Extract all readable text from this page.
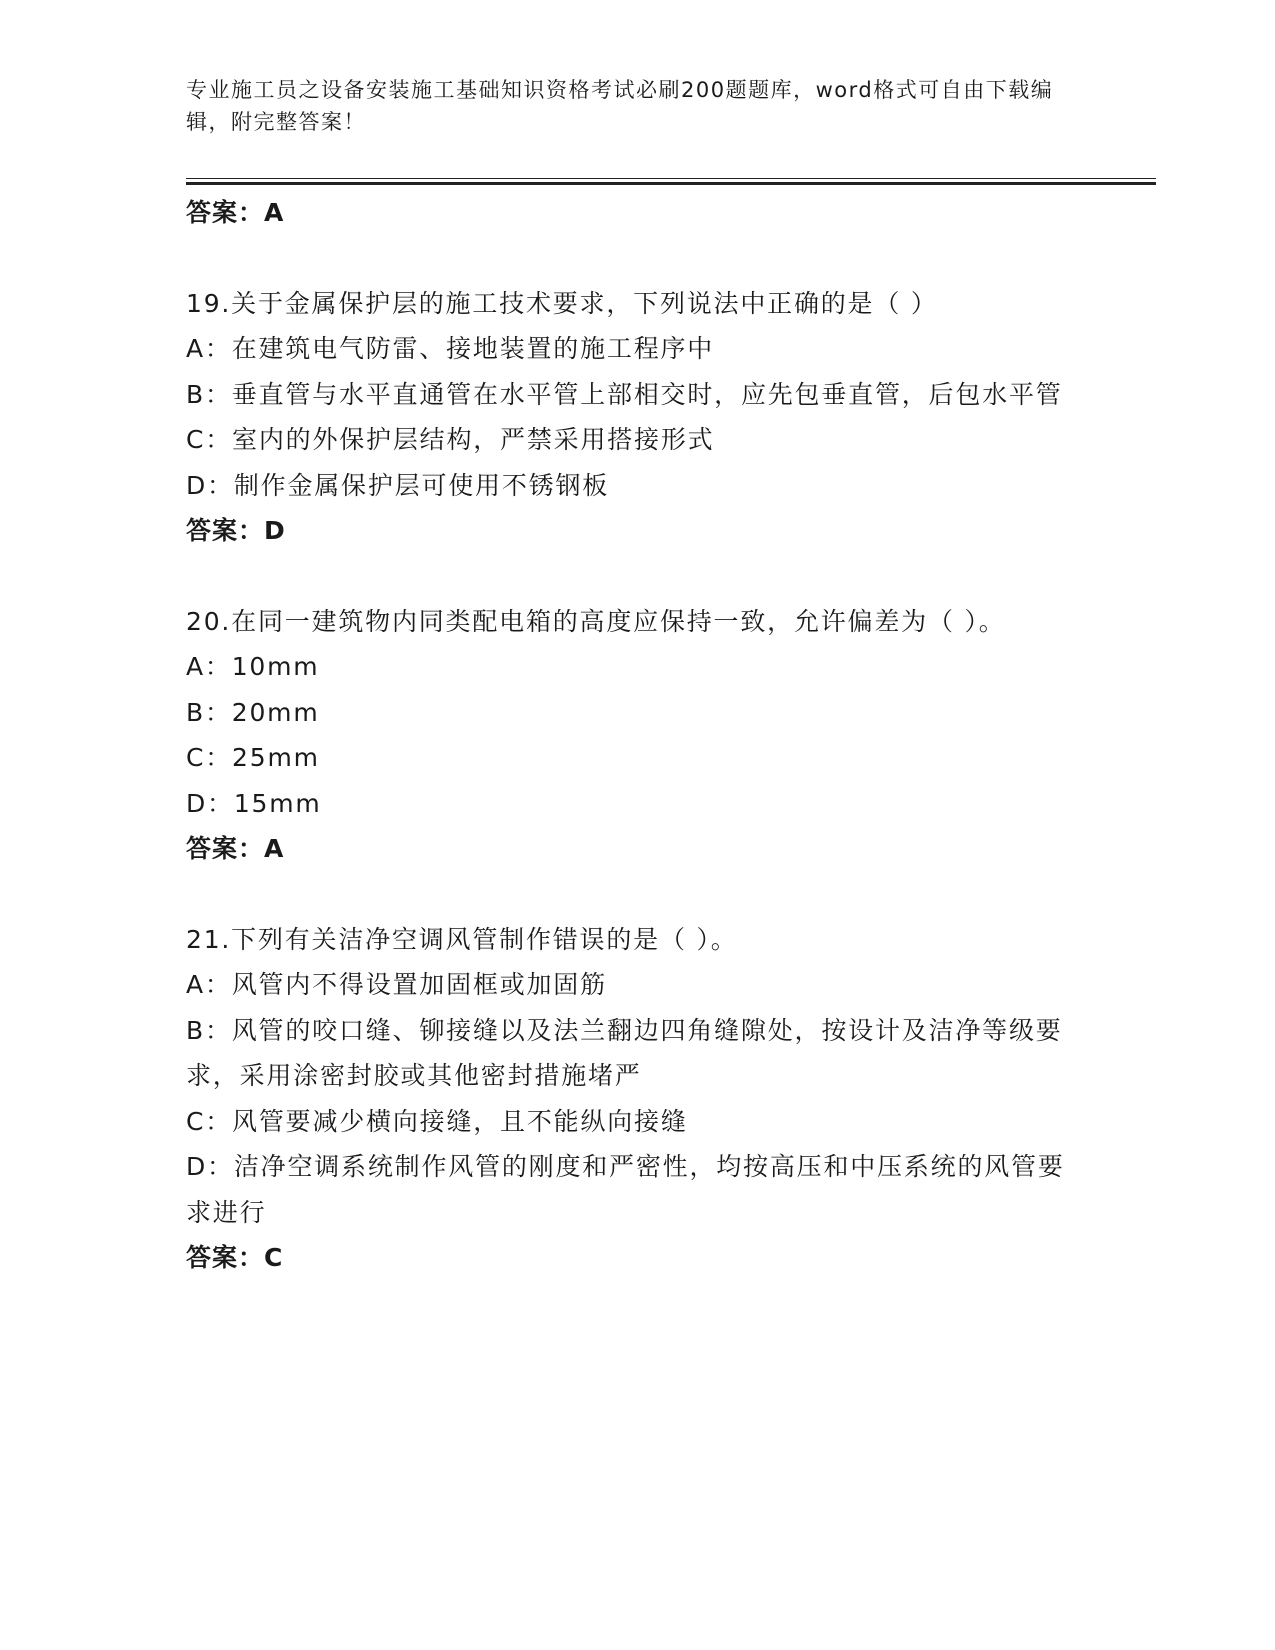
专业施工员之设备安装施工基础知识资格考试必刷200题题库，word格式可自由下载编辑，附完整答案！

答案：A

19.关于金属保护层的施工技术要求，下列说法中正确的是（ ）

A：在建筑电气防雷、接地装置的施工程序中

B：垂直管与水平直通管在水平管上部相交时，应先包垂直管，后包水平管

C：室内的外保护层结构，严禁采用搭接形式

D：制作金属保护层可使用不锈钢板

答案：D

20.在同一建筑物内同类配电箱的高度应保持一致，允许偏差为（ ）。

A：10mm

B：20mm

C：25mm

D：15mm

答案：A

21.下列有关洁净空调风管制作错误的是（ ）。

A：风管内不得设置加固框或加固筋

B：风管的咬口缝、铆接缝以及法兰翻边四角缝隙处，按设计及洁净等级要求，采用涂密封胶或其他密封措施堵严

C：风管要减少横向接缝，且不能纵向接缝

D：洁净空调系统制作风管的刚度和严密性，均按高压和中压系统的风管要求进行

答案：C
